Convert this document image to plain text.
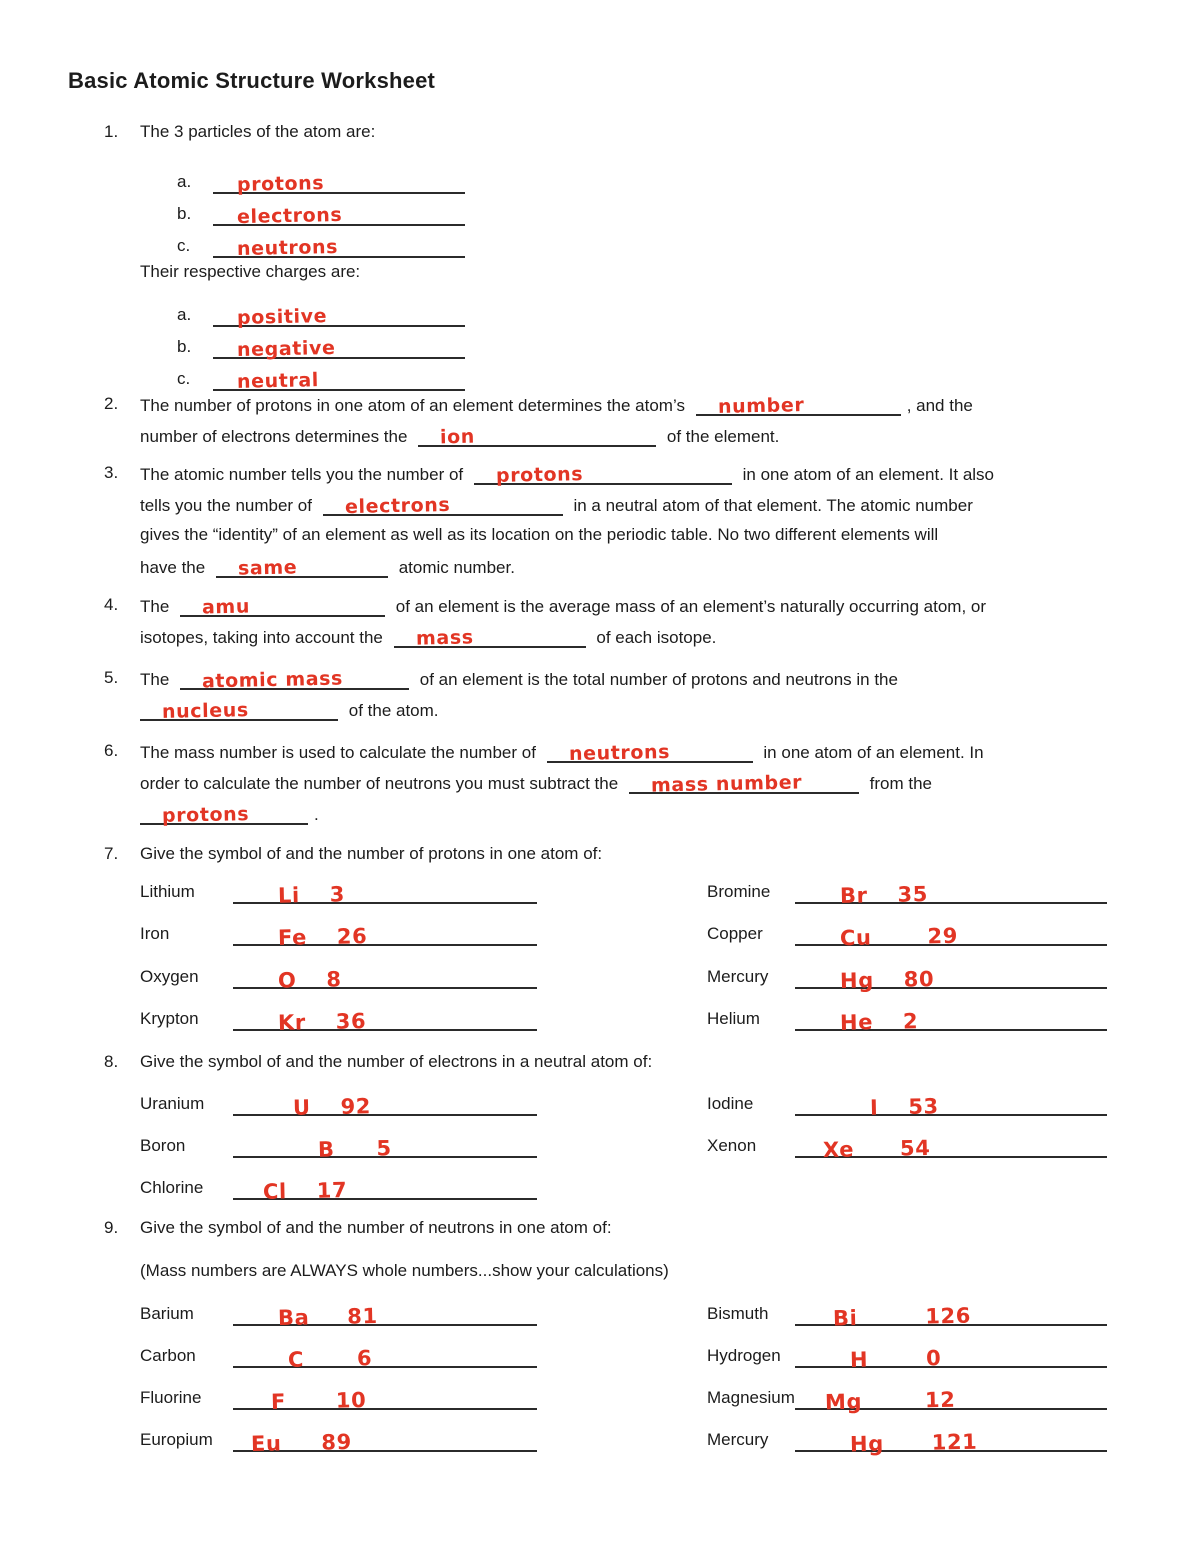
Basic Atomic Structure Worksheet
1. The 3 particles of the atom are:
a.	protons
b.	electrons
c.	neutrons
Their respective charges are:
a.	positive
b.	negative
c.	neutral
2. The number of protons in one atom of an element determines the atom’s number	, and the
number of electrons determines the ion	of the element.
3. The atomic number tells you the number of protons	in one atom of an element. It also
tells you the number of electrons	in a neutral atom of that element. The atomic number
gives the “identity” of an element as well as its location on the periodic table. No two different elements will
have the same	atomic number.
4. The amu	of an element is the average mass of an element’s naturally occurring atom, or
isotopes, taking into account the mass	of each isotope.
5. The atomic mass	of an element is the total number of protons and neutrons in the
nucleus	of the atom.
6. The mass number is used to calculate the number of neutrons	in one atom of an element. In
order to calculate the number of neutrons you must subtract the mass number	from the
protons	.
7. Give the symbol of and the number of protons in one atom of:
Lithium	Li 3
Iron	Fe 26
Oxygen	O 8
Krypton	Kr 36
Bromine	Br 35
Copper	Cu 29
Mercury	Hg 80
Helium	He 2
8. Give the symbol of and the number of electrons in a neutral atom of:
Uranium	U 92
Boron	B 5
Chlorine	Cl 17
Iodine	I 53
Xenon	Xe 54
9. Give the symbol of and the number of neutrons in one atom of:
(Mass numbers are ALWAYS whole numbers...show your calculations)
Barium	Ba 81
Carbon	C 6
Fluorine	F 10
Europium	Eu 89
Bismuth	Bi 126
Hydrogen	H 0
Magnesium Mg 12
Mercury	Hg 121
